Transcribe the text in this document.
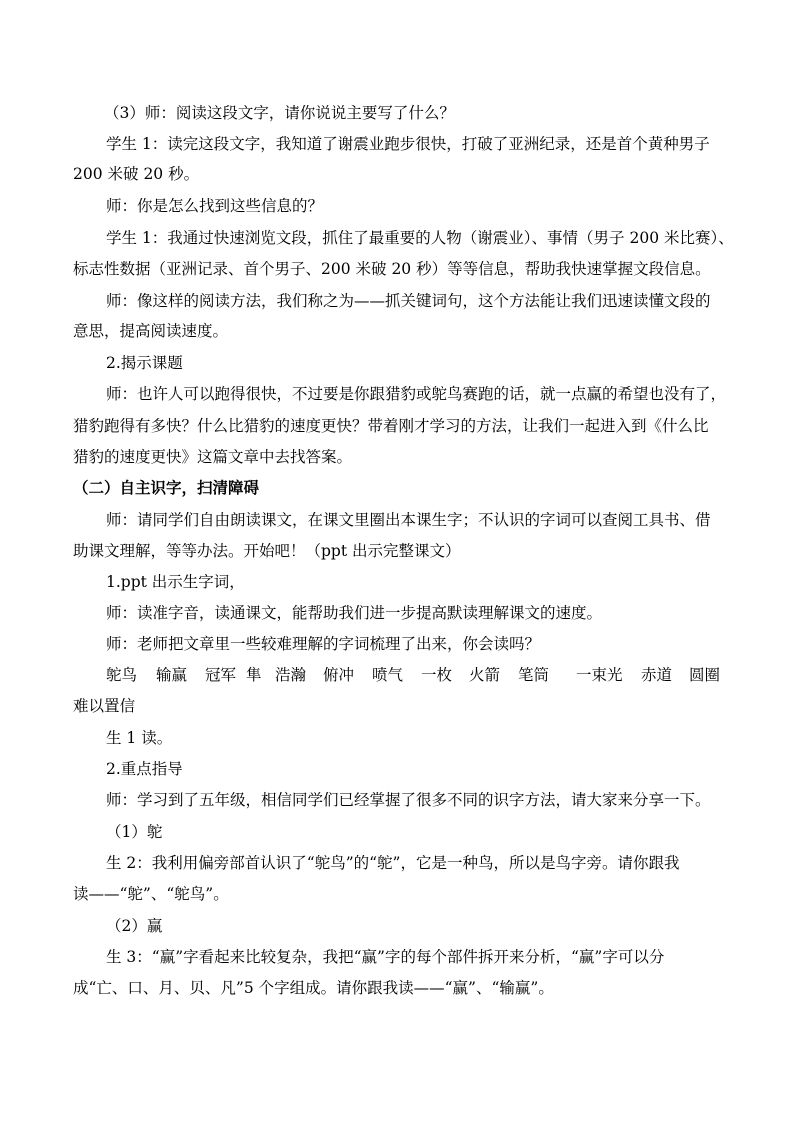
（3）师：阅读这段文字，请你说说主要写了什么？
学生 1：读完这段文字，我知道了谢震业跑步很快，打破了亚洲纪录，还是首个黄种男子
200 米破 20 秒。
师：你是怎么找到这些信息的？
学生 1：我通过快速浏览文段，抓住了最重要的人物（谢震业）、事情（男子 200 米比赛）、
标志性数据（亚洲记录、首个男子、200 米破 20 秒）等等信息，帮助我快速掌握文段信息。
师：像这样的阅读方法，我们称之为——抓关键词句，这个方法能让我们迅速读懂文段的
意思，提高阅读速度。
2.揭示课题
师：也许人可以跑得很快，不过要是你跟猎豹或鸵鸟赛跑的话，就一点赢的希望也没有了，
猎豹跑得有多快？什么比猎豹的速度更快？带着刚才学习的方法，让我们一起进入到《什么比
猎豹的速度更快》这篇文章中去找答案。
（二）自主识字，扫清障碍
师：请同学们自由朗读课文，在课文里圈出本课生字；不认识的字词可以查阅工具书、借
助课文理解，等等办法。开始吧！（ppt 出示完整课文）
1.ppt 出示生字词，
师：读准字音，读通课文，能帮助我们进一步提高默读理解课文的速度。
师：老师把文章里一些较难理解的字词梳理了出来，你会读吗？
鸵鸟 输赢 冠军 隼 浩瀚 俯冲 喷气 一枚 火箭 笔筒 一束光 赤道 圆圈
难以置信
生 1 读。
2.重点指导
师：学习到了五年级，相信同学们已经掌握了很多不同的识字方法，请大家来分享一下。
（1）鸵
生 2：我利用偏旁部首认识了“鸵鸟”的“鸵”，它是一种鸟，所以是鸟字旁。请你跟我
读——“鸵”、“鸵鸟”。
（2）赢
生 3：“赢”字看起来比较复杂，我把“赢”字的每个部件拆开来分析，“赢”字可以分
成“亡、口、月、贝、凡”5 个字组成。请你跟我读——“赢”、“输赢”。
